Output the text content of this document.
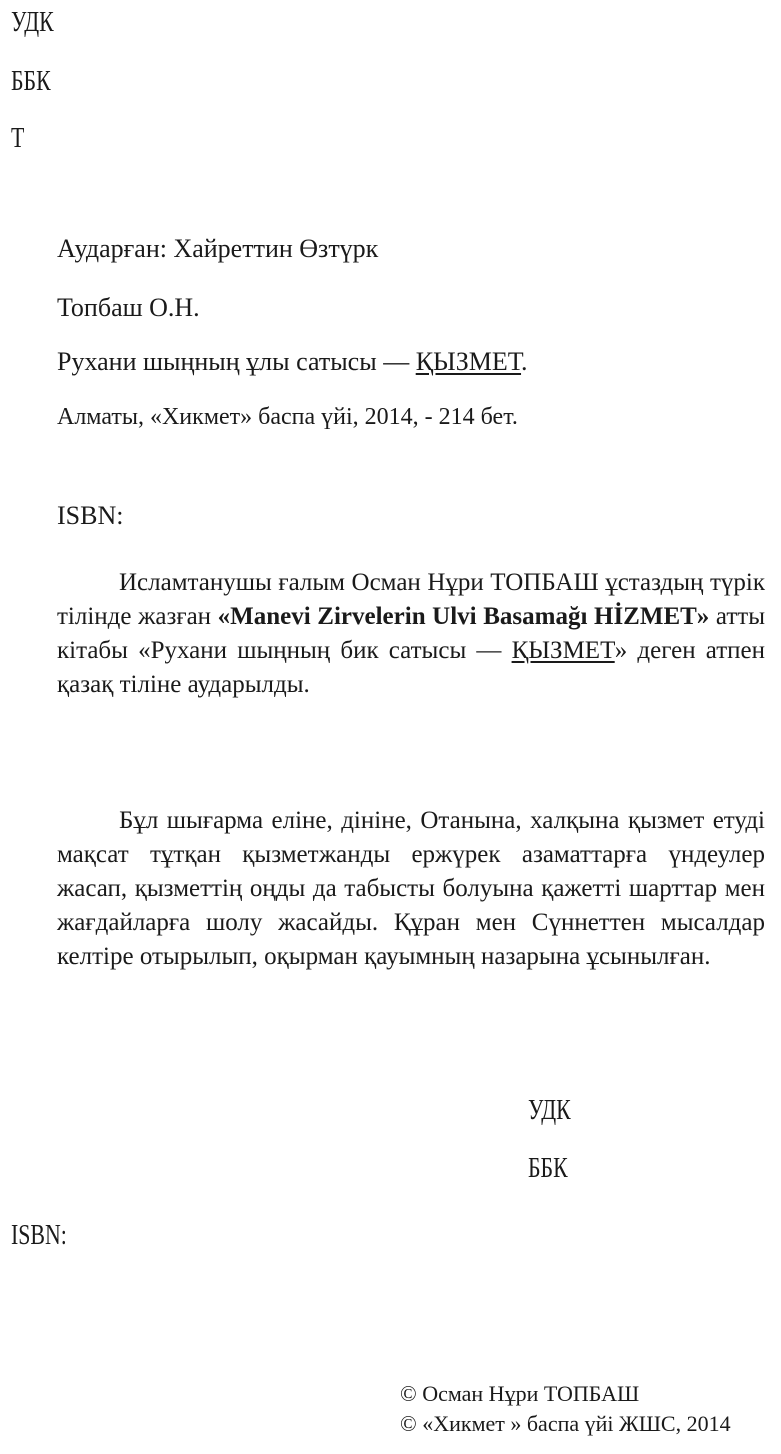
УДК
ББК
Т
Аударған: Хайреттин Өзтүрк
Топбаш О.Н.
Рухани шыңның ұлы сатысы — ҚЫЗМЕТ.
Алматы, «Хикмет» баспа үйі, 2014, - 214 бет.
ISBN:
Исламтанушы ғалым Осман Нұри ТОПБАШ ұстаздың түрік тілінде жазған «Manevi Zirvelerin Ulvi Basamağı HİZMET» атты кітабы «Рухани шыңның бик сатысы — ҚЫЗМЕТ» деген атпен қазақ тіліне аударылды.
Бұл шығарма еліне, дініне, Отанына, халқына қызмет етуді мақсат тұтқан қызметжанды ержүрек азаматтарға үндеулер жасап, қызметтің оңды да табысты болуына қажетті шарттар мен жағдайларға шолу жасайды. Құран мен Сүннеттен мысалдар келтіре отырылып, оқырман қауымның назарына ұсынылған.
УДК
ББК
ISBN:
© Осман Нұри ТОПБАШ
© «Хикмет » баспа үйі ЖШС, 2014
